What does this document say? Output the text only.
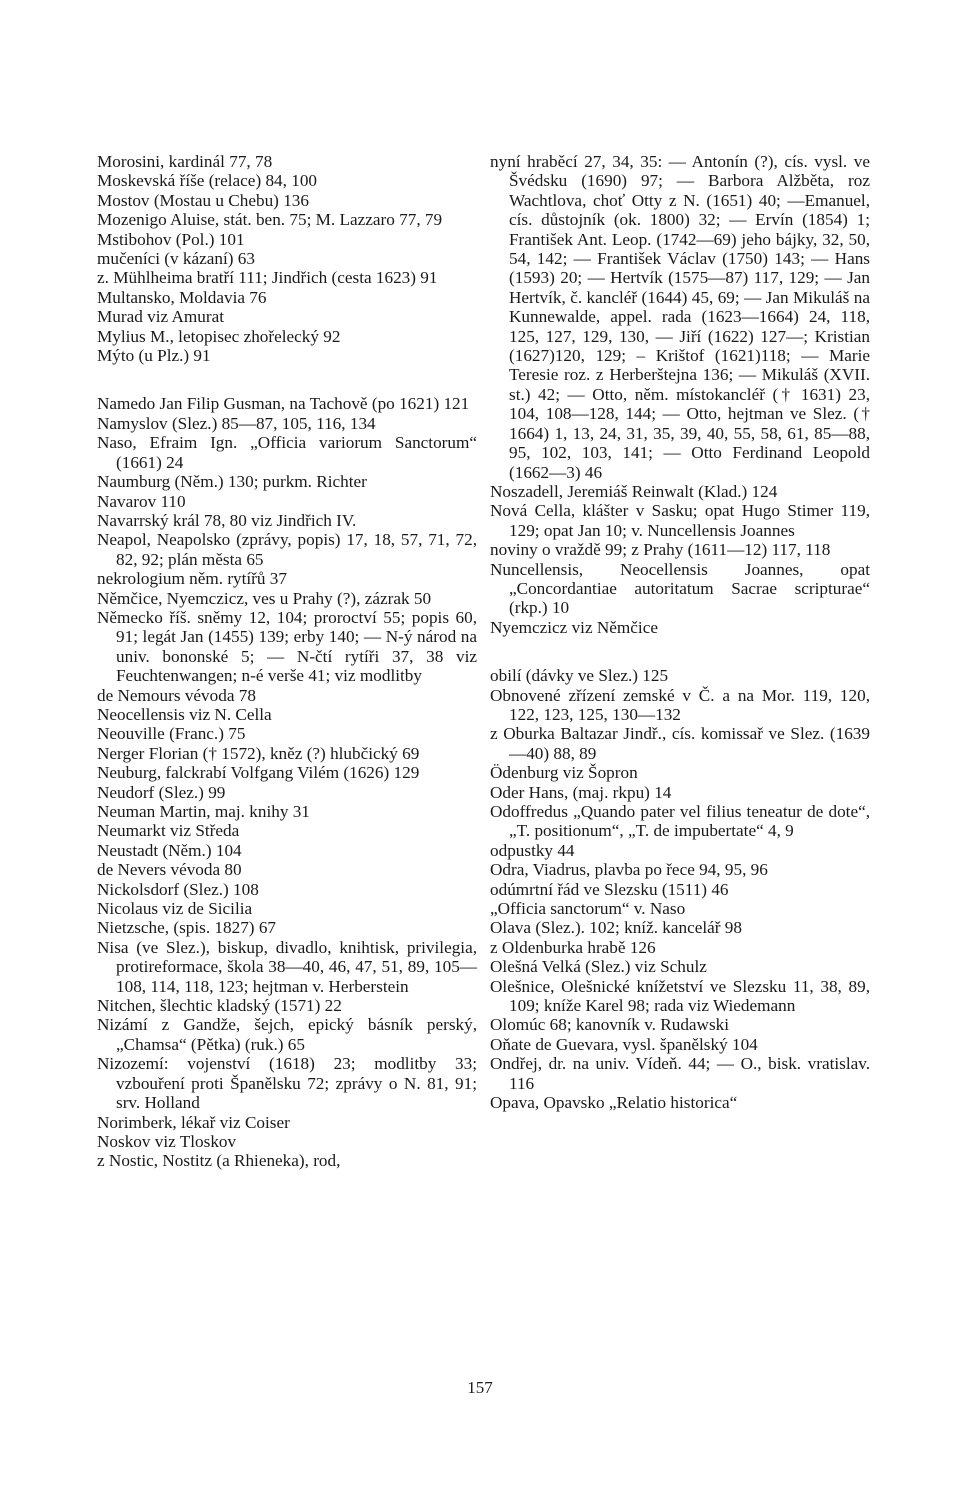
Morosini, kardinál 77, 78

Moskevská říše (relace) 84, 100

Mostov (Mostau u Chebu) 136

Mozenigo Aluise, stát. ben. 75; M. Lazzaro 77, 79

Mstibohov (Pol.) 101

mučeníci (v kázaní) 63

z. Mühlheima bratří 111; Jindřich (cesta 1623) 91

Multansko, Moldavia 76

Murad viz Amurat

Mylius M., letopisec zhořelecký 92

Mýto (u Plz.) 91

Namedo Jan Filip Gusman, na Tachově (po 1621) 121

Namyslov (Slez.) 85—87, 105, 116, 134

Naso, Efraim Ign. „Officia variorum Sanctorum“ (1661) 24

Naumburg (Něm.) 130; purkm. Richter

Navarov 110

Navarrský král 78, 80 viz Jindřich IV.

Neapol, Neapolsko (zprávy, popis) 17, 18, 57, 71, 72, 82, 92; plán města 65

nekrologium něm. rytířů 37

Němčice, Nyemczicz, ves u Prahy (?), zázrak 50

Německo říš. sněmy 12, 104; proroctví 55; popis 60, 91; legát Jan (1455) 139; erby 140; — N-ý národ na univ. bononské 5; — N-čtí rytíři 37, 38 viz Feuchtenwangen; n-é verše 41; viz modlitby

de Nemours vévoda 78

Neocellensis viz N. Cella

Neouville (Franc.) 75

Nerger Florian († 1572), kněz (?) hlubčický 69

Neuburg, falckrabí Volfgang Vilém (1626) 129

Neudorf (Slez.) 99

Neuman Martin, maj. knihy 31

Neumarkt viz Středa

Neustadt (Něm.) 104

de Nevers vévoda 80

Nickolsdorf (Slez.) 108

Nicolaus viz de Sicilia

Nietzsche, (spis. 1827) 67

Nisa (ve Slez.), biskup, divadlo, knihtisk, privilegia, protireformace, škola 38—40, 46, 47, 51, 89, 105—108, 114, 118, 123; hejtman v. Herberstein

Nitchen, šlechtic kladský (1571) 22

Nizámí z Gandže, šejch, epický básník perský, „Chamsa“ (Pětka) (ruk.) 65

Nizozemí: vojenství (1618) 23; modlitby 33; vzbouření proti Španělsku 72; zprávy o N. 81, 91; srv. Holland

Norimberk, lékař viz Coiser

Noskov viz Tloskov

z Nostic, Nostitz (a Rhieneka), rod,

nyní hraběcí 27, 34, 35: — Antonín (?), cís. vysl. ve Švédsku (1690) 97; — Barbora Alžběta, roz Wachtlova, choť Otty z N. (1651) 40; —Emanuel, cís. důstojník (ok. 1800) 32; — Ervín (1854) 1; František Ant. Leop. (1742—69) jeho bájky, 32, 50, 54, 142; — František Václav (1750) 143; — Hans (1593) 20; — Hertvík (1575—87) 117, 129; — Jan Hertvík, č. kancléř (1644) 45, 69; — Jan Mikuláš na Kunnewalde, appel. rada (1623—1664) 24, 118, 125, 127, 129, 130, — Jiří (1622) 127—; Kristian (1627)120, 129; – Krištof (1621)118; — Marie Teresie roz. z Herberštejna 136; — Mikuláš (XVII. st.) 42; — Otto, něm. místokancléř († 1631) 23, 104, 108—128, 144; — Otto, hejtman ve Slez. († 1664) 1, 13, 24, 31, 35, 39, 40, 55, 58, 61, 85—88, 95, 102, 103, 141; — Otto Ferdinand Leopold (1662—3) 46

Noszadell, Jeremiáš Reinwalt (Klad.) 124

Nová Cella, klášter v Sasku; opat Hugo Stimer 119, 129; opat Jan 10; v. Nuncellensis Joannes

noviny o vraždě 99; z Prahy (1611—12) 117, 118

Nuncellensis, Neocellensis Joannes, opat „Concordantiae autoritatum Sacrae scripturae“ (rkp.) 10

Nyemczicz viz Němčice

obilí (dávky ve Slez.) 125

Obnovené zřízení zemské v Č. a na Mor. 119, 120, 122, 123, 125, 130—132

z Oburka Baltazar Jindř., cís. komissař ve Slez. (1639—40) 88, 89

Ödenburg viz Šopron

Oder Hans, (maj. rkpu) 14

Odoffredus „Quando pater vel filius teneatur de dote“, „T. positionum“, „T. de impubertate“ 4, 9

odpustky 44

Odra, Viadrus, plavba po řece 94, 95, 96

odúmrtní řád ve Slezsku (1511) 46

„Officia sanctorum“ v. Naso

Olava (Slez.). 102; kníž. kancelář 98

z Oldenburka hrabě 126

Olešná Velká (Slez.) viz Schulz

Olešnice, Olešnické knížetství ve Slezsku 11, 38, 89, 109; kníže Karel 98; rada viz Wiedemann

Olomúc 68; kanovník v. Rudawski

Oňate de Guevara, vysl. španělský 104

Ondřej, dr. na univ. Vídeň. 44; — O., bisk. vratislav. 116

Opava, Opavsko „Relatio historica“

157
